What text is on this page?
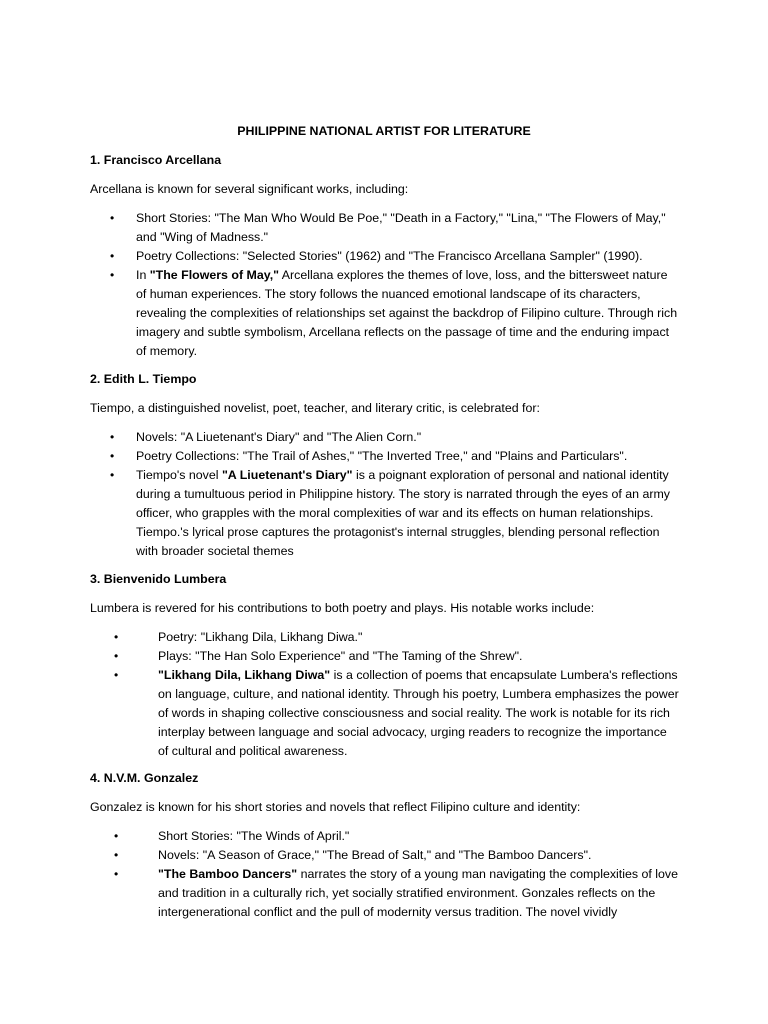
PHILIPPINE NATIONAL ARTIST FOR LITERATURE
1. Francisco Arcellana
Arcellana is known for several significant works, including:
• Short Stories: "The Man Who Would Be Poe," "Death in a Factory," "Lina," "The Flowers of May," and "Wing of Madness."
• Poetry Collections: "Selected Stories" (1962) and "The Francisco Arcellana Sampler" (1990).
• In "The Flowers of May," Arcellana explores the themes of love, loss, and the bittersweet nature of human experiences. The story follows the nuanced emotional landscape of its characters, revealing the complexities of relationships set against the backdrop of Filipino culture. Through rich imagery and subtle symbolism, Arcellana reflects on the passage of time and the enduring impact of memory.
2. Edith L. Tiempo
Tiempo, a distinguished novelist, poet, teacher, and literary critic, is celebrated for:
• Novels: "A Liuetenant's Diary" and "The Alien Corn."
• Poetry Collections: "The Trail of Ashes," "The Inverted Tree," and "Plains and Particulars".
• Tiempo's novel "A Liuetenant's Diary" is a poignant exploration of personal and national identity during a tumultuous period in Philippine history. The story is narrated through the eyes of an army officer, who grapples with the moral complexities of war and its effects on human relationships. Tiempo.'s lyrical prose captures the protagonist's internal struggles, blending personal reflection with broader societal themes
3. Bienvenido Lumbera
Lumbera is revered for his contributions to both poetry and plays. His notable works include:
•	Poetry: "Likhang Dila, Likhang Diwa."
•	Plays: "The Han Solo Experience" and "The Taming of the Shrew".
•	"Likhang Dila, Likhang Diwa" is a collection of poems that encapsulate Lumbera's reflections on language, culture, and national identity. Through his poetry, Lumbera emphasizes the power of words in shaping collective consciousness and social reality. The work is notable for its rich interplay between language and social advocacy, urging readers to recognize the importance of cultural and political awareness.
4. N.V.M. Gonzalez
Gonzalez is known for his short stories and novels that reflect Filipino culture and identity:
•	Short Stories: "The Winds of April."
•	Novels: "A Season of Grace," "The Bread of Salt," and "The Bamboo Dancers".
•	"The Bamboo Dancers" narrates the story of a young man navigating the complexities of love and tradition in a culturally rich, yet socially stratified environment. Gonzales reflects on the intergenerational conflict and the pull of modernity versus tradition. The novel vividly
